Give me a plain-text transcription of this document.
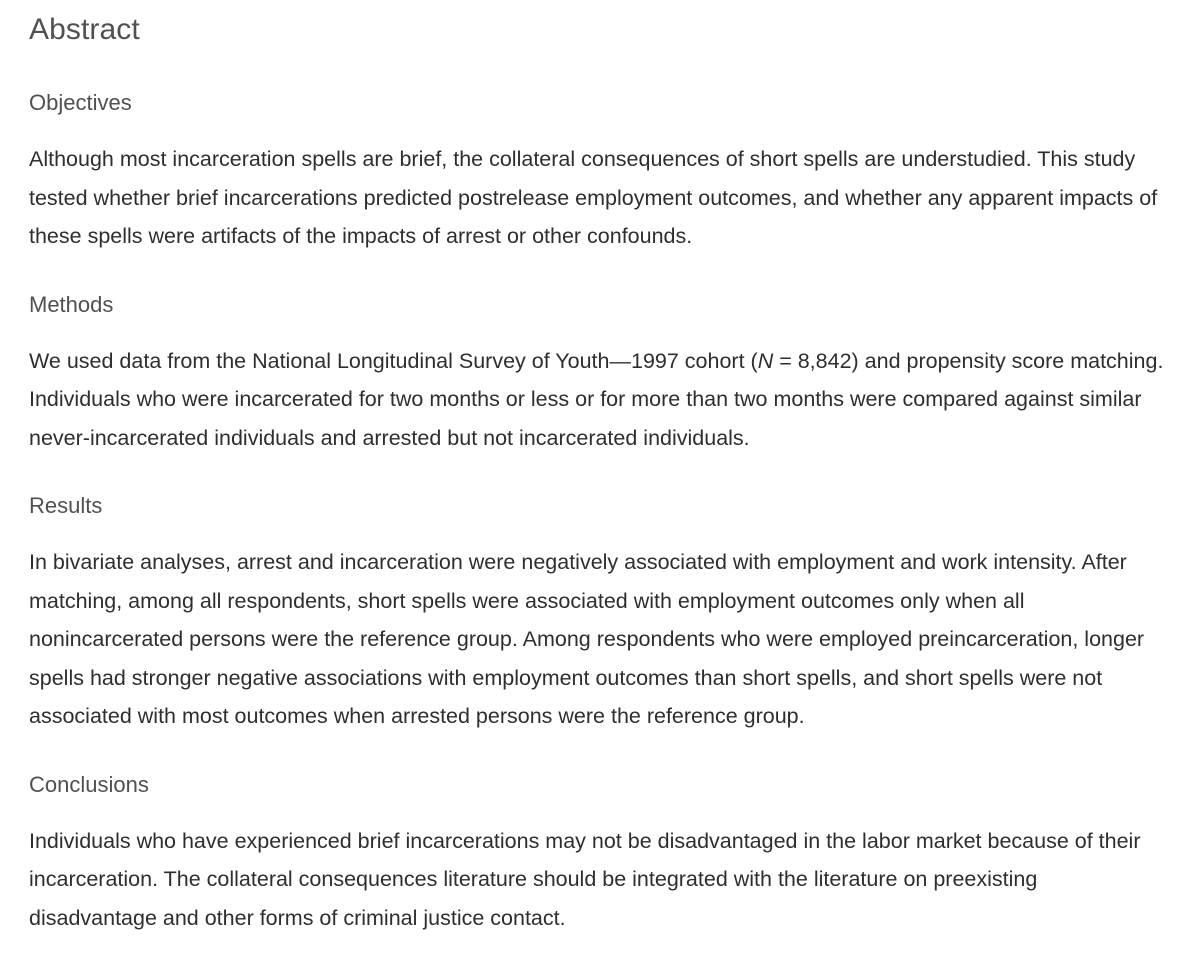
Abstract
Objectives

Although most incarceration spells are brief, the collateral consequences of short spells are understudied. This study tested whether brief incarcerations predicted postrelease employment outcomes, and whether any apparent impacts of these spells were artifacts of the impacts of arrest or other confounds.

Methods

We used data from the National Longitudinal Survey of Youth—1997 cohort (N = 8,842) and propensity score matching. Individuals who were incarcerated for two months or less or for more than two months were compared against similar never-incarcerated individuals and arrested but not incarcerated individuals.

Results

In bivariate analyses, arrest and incarceration were negatively associated with employment and work intensity. After matching, among all respondents, short spells were associated with employment outcomes only when all nonincarcerated persons were the reference group. Among respondents who were employed preincarceration, longer spells had stronger negative associations with employment outcomes than short spells, and short spells were not associated with most outcomes when arrested persons were the reference group.

Conclusions

Individuals who have experienced brief incarcerations may not be disadvantaged in the labor market because of their incarceration. The collateral consequences literature should be integrated with the literature on preexisting disadvantage and other forms of criminal justice contact.
